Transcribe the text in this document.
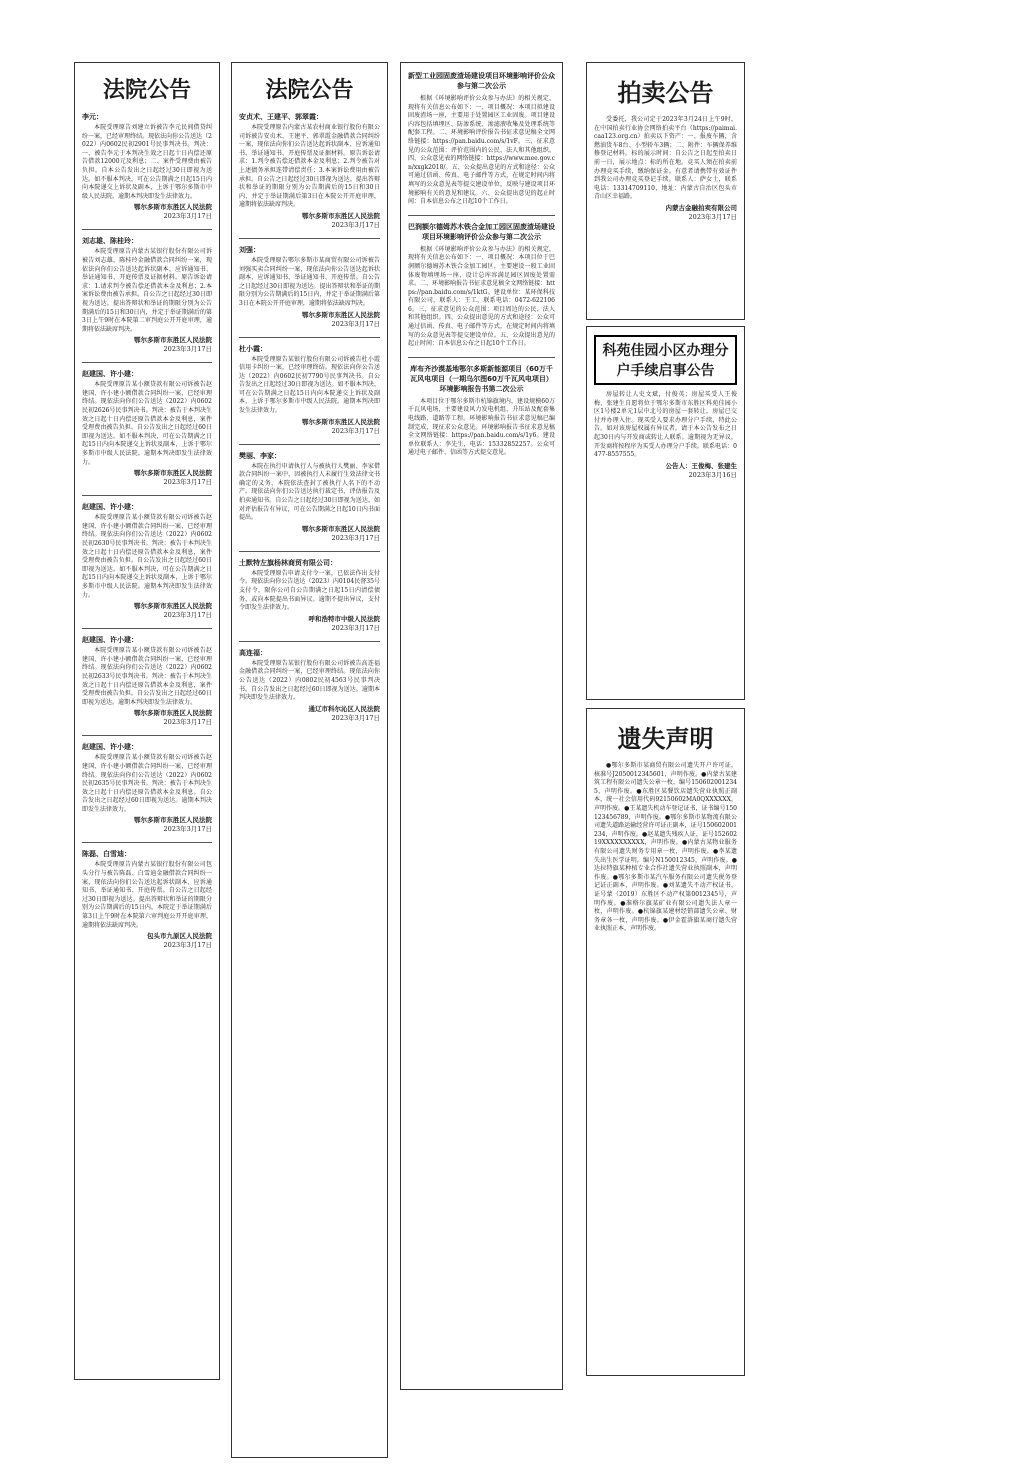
法院公告
李元：

本院受理原告刘建立诉被告李元民间借贷纠纷一案，已经审理终结。现依法向你公告送达（2022）内0602民初2901号民事判决书。判决：一、被告李元于本判决生效之日起十日内偿还原告借款12000元及利息；二、案件受理费由被告负担。自本公告发出之日起经过30日即视为送达。如不服本判决，可在公告期满之日起15日内向本院递交上诉状及副本，上诉于鄂尔多斯市中级人民法院。逾期本判决即发生法律效力。

鄂尔多斯市东胜区人民法院
2023年3月17日
刘志雄、陈桂玲：

本院受理原告内蒙古某银行股份有限公司诉被告刘志雄、陈桂玲金融借款合同纠纷一案，现依法向你们公告送达起诉状副本、应诉通知书、举证通知书、开庭传票及证据材料。原告诉讼请求：1.请求判令被告偿还借款本金及利息；2.本案诉讼费由被告承担。自公告之日起经过30日即视为送达。提出答辩状和举证的期限分别为公告期满后的15日和30日内，并定于举证期满后的第3日上午9时在本院第二审判庭公开开庭审理，逾期将依法缺席判决。

鄂尔多斯市东胜区人民法院
2023年3月17日
赵建国、许小建：

本院受理原告某小额贷款有限公司诉被告赵建国、许小建小额借款合同纠纷一案，已经审理终结。现依法向你们公告送达（2022）内0602民初2626号民事判决书。判决：被告于本判决生效之日起十日内偿还原告借款本金及利息，案件受理费由被告负担。自公告发出之日起经过60日即视为送达。如不服本判决，可在公告期满之日起15日内向本院递交上诉状及副本，上诉于鄂尔多斯市中级人民法院。逾期本判决即发生法律效力。

鄂尔多斯市东胜区人民法院
2023年3月17日
赵建国、许小建：

本院受理原告某小额贷款有限公司诉被告赵建国、许小建小额借款合同纠纷一案，已经审理终结。现依法向你们公告送达（2022）内0602民初2630号民事判决书。判决：被告于本判决生效之日起十日内偿还原告借款本金及利息，案件受理费由被告负担。自公告发出之日起经过60日即视为送达。如不服本判决，可在公告期满之日起15日内向本院递交上诉状及副本，上诉于鄂尔多斯市中级人民法院。逾期本判决即发生法律效力。

鄂尔多斯市东胜区人民法院
2023年3月17日
赵建国、许小建：

本院受理原告某小额贷款有限公司诉被告赵建国、许小建小额借款合同纠纷一案，已经审理终结。现依法向你们公告送达（2022）内0602民初2633号民事判决书。判决：被告于本判决生效之日起十日内偿还原告借款本金及利息，案件受理费由被告负担。自公告发出之日起经过60日即视为送达。逾期本判决即发生法律效力。

鄂尔多斯市东胜区人民法院
2023年3月17日
赵建国、许小建：

本院受理原告某小额贷款有限公司诉被告赵建国、许小建小额借款合同纠纷一案，已经审理终结。现依法向你们公告送达（2022）内0602民初2635号民事判决书。判决：被告于本判决生效之日起十日内偿还原告借款本金及利息。自公告发出之日起经过60日即视为送达。逾期本判决即发生法律效力。

鄂尔多斯市东胜区人民法院
2023年3月17日
陈磊、白雪迪：

本院受理原告内蒙古某银行股份有限公司包头分行与被告陈磊、白雪迪金融借款合同纠纷一案，现依法向你们公告送达起诉状副本、应诉通知书、举证通知书、开庭传票。自公告之日起经过30日即视为送达。提出答辩状和举证的期限分别为公告期满后的15日内。本院定于举证期满后第3日上午9时在本院第六审判庭公开开庭审理，逾期将依法缺席判决。

包头市九原区人民法院
2023年3月17日
法院公告
安贞术、王建平、郭翠霞：

本院受理原告内蒙古某农村商业银行股份有限公司诉被告安贞术、王建平、郭翠霞金融借款合同纠纷一案，现依法向你们公告送达起诉状副本、应诉通知书、举证通知书、开庭传票及证据材料。原告诉讼请求：1.判令被告偿还借款本金及利息；2.判令被告对上述债务承担连带清偿责任；3.本案诉讼费用由被告承担。自公告之日起经过30日即视为送达。提出答辩状和举证的期限分别为公告期满后的15日和30日内，并定于举证期满后第3日在本院公开开庭审理，逾期将依法缺席判决。

鄂尔多斯市东胜区人民法院
2023年3月17日
刘强：

本院受理原告鄂尔多斯市某商贸有限公司诉被告刘强买卖合同纠纷一案，现依法向你公告送达起诉状副本、应诉通知书、举证通知书、开庭传票。自公告之日起经过30日即视为送达。提出答辩状和举证的期限分别为公告期满后的15日内，并定于举证期满后第3日在本院公开开庭审理，逾期将依法缺席判决。

鄂尔多斯市东胜区人民法院
2023年3月17日
杜小霞：

本院受理原告某银行股份有限公司诉被告杜小霞信用卡纠纷一案，已经审理终结。现依法向你公告送达（2022）内0602民初7790号民事判决书。自公告发出之日起经过30日即视为送达。如不服本判决，可在公告期满之日起15日内向本院递交上诉状及副本，上诉于鄂尔多斯市中级人民法院。逾期本判决即发生法律效力。

鄂尔多斯市东胜区人民法院
2023年3月17日
樊丽、李家：

本院在执行申请执行人与被执行人樊丽、李家借款合同纠纷一案中，因被执行人未履行生效法律文书确定的义务，本院依法查封了被执行人名下的不动产。现依法向你们公告送达执行裁定书、评估报告及拍卖通知书。自公告之日起经过30日即视为送达。如对评估报告有异议，可在公告期满之日起10日内书面提出。

鄂尔多斯市东胜区人民法院
2023年3月17日
土默特左旗杨林商贸有限公司：

本院受理原告申请支付令一案，已依法作出支付令。现依法向你公告送达（2023）内0104民督35号支付令，限你公司自公告期满之日起15日内清偿债务，或向本院提出书面异议。逾期不提出异议，支付令即发生法律效力。

呼和浩特市中级人民法院
2023年3月17日
高连福：

本院受理原告某银行股份有限公司诉被告高连福金融借款合同纠纷一案，已经审理终结。现依法向你公告送达（2022）内0802民初4563号民事判决书。自公告发出之日起经过60日即视为送达。逾期本判决即发生法律效力。

通辽市科尔沁区人民法院
2023年3月17日
新型工业园固废渣场建设项目环境影响评价公众参与第二次公示

根据《环境影响评价公众参与办法》的相关规定，现将有关信息公布如下：一、项目概况：本项目拟建设固废渣场一座，主要用于处置园区工业固废。项目建设内容包括填埋区、防渗系统、渗滤液收集及处理系统等配套工程。二、环境影响评价报告书征求意见稿全文网络链接：https://pan.baidu.com/s/1vF。三、征求意见的公众范围：评价范围内的公民、法人和其他组织。四、公众意见表的网络链接：https://www.mee.gov.cn/xxgk2018/。五、公众提出意见的方式和途径：公众可通过信函、传真、电子邮件等方式，在规定时间内将填写的公众意见表等提交建设单位，反映与建设项目环境影响有关的意见和建议。六、公众提出意见的起止时间：自本信息公布之日起10个工作日。

巴润额尔德姆苏木铁合金加工园区固废渣场建设项目环境影响评价公众参与第二次公示

根据《环境影响评价公众参与办法》的相关规定，现将有关信息公布如下：一、项目概况：本项目位于巴润额尔德姆苏木铁合金加工园区，主要建设一般工业固体废物填埋场一座，设计总库容满足园区固废处置需求。二、环境影响报告书征求意见稿全文网络链接：https://pan.baidu.com/s/1ktG。建设单位：某环保科技有限公司，联系人：王工，联系电话：0472-6221066。三、征求意见的公众范围：项目周边的公民、法人和其他组织。四、公众提出意见的方式和途径：公众可通过信函、传真、电子邮件等方式，在规定时间内将填写的公众意见表等提交建设单位。五、公众提出意见的起止时间：自本信息公布之日起10个工作日。

库布齐沙漠基地鄂尔多斯新能源项目（60万千瓦风电项目（一期乌尔图60万千瓦风电项目）环境影响报告书第二次公示

本项目位于鄂尔多斯市杭锦旗境内，建设规模60万千瓦风电场，主要建设风力发电机组、升压站及配套集电线路、道路等工程。环境影响报告书征求意见稿已编制完成，现征求公众意见。环境影响报告书征求意见稿全文网络链接：https://pan.baidu.com/s/1y6。建设单位联系人：李先生，电话：15332852257。公众可通过电子邮件、信函等方式提交意见。

拍卖公告

受委托，我公司定于2023年3月24日上午9时，在中国拍卖行业协会网络拍卖平台（https://paimai.caa123.org.cn）拍卖以下资产：一、报废车辆，含燃油货车8台、小型轿车3辆；二、附件：车辆保养维修登记材料。标的展示时间：自公告之日起至拍卖日前一日，展示地点：标的所在地。竞买人须在拍卖前办理竞买手续，缴纳保证金。有意者请携带有效证件到我公司办理竞买登记手续。联系人：萨女士，联系电话：13314709110，地址：内蒙古自治区包头市青山区幸福路。

内蒙古金融拍卖有限公司
2023年3月17日
科苑佳园小区办理分户手续启事公告

房屋转让人史文斌，付俊英；房屋买受人王俊梅，张建生自愿将位于鄂尔多斯市东胜区科苑佳园小区1号楼2单元1层中北号的房屋一套转让，房屋已交付并办理入住。现买受人要求办理分户手续，特此公告。如对该房屋权属有异议者，请于本公告发布之日起30日内与开发商或转让人联系。逾期视为无异议，开发商将按程序为买受人办理分户手续。联系电话：0477-8557555。

公告人：王俊梅、张建生
2023年3月16日
遗失声明

●鄂尔多斯市某商贸有限公司遗失开户许可证，核准号J2050012345601，声明作废。●内蒙古某建筑工程有限公司遗失公章一枚，编号1506020012345，声明作废。●东胜区某餐饮店遗失营业执照正副本，统一社会信用代码92150602MA0QXXXXXX，声明作废。●王某遗失机动车登记证书，证书编号150123456789，声明作废。●鄂尔多斯市某物流有限公司遗失道路运输经营许可证正副本，证号150602001234，声明作废。●赵某遗失残疾人证，证号15260219XXXXXXXXXX，声明作废。●内蒙古某物业服务有限公司遗失财务专用章一枚，声明作废。●李某遗失出生医学证明，编号N150012345，声明作废。●达拉特旗某种植专业合作社遗失营业执照副本，声明作废。●鄂尔多斯市某汽车服务有限公司遗失税务登记证正副本，声明作废。●刘某遗失不动产权证书，证号蒙（2019）东胜区不动产权第0012345号，声明作废。●准格尔旗某矿业有限公司遗失法人章一枚，声明作废。●杭锦旗某建材经销部遗失公章、财务章各一枚，声明作废。●伊金霍洛旗某商行遗失营业执照正本，声明作废。
